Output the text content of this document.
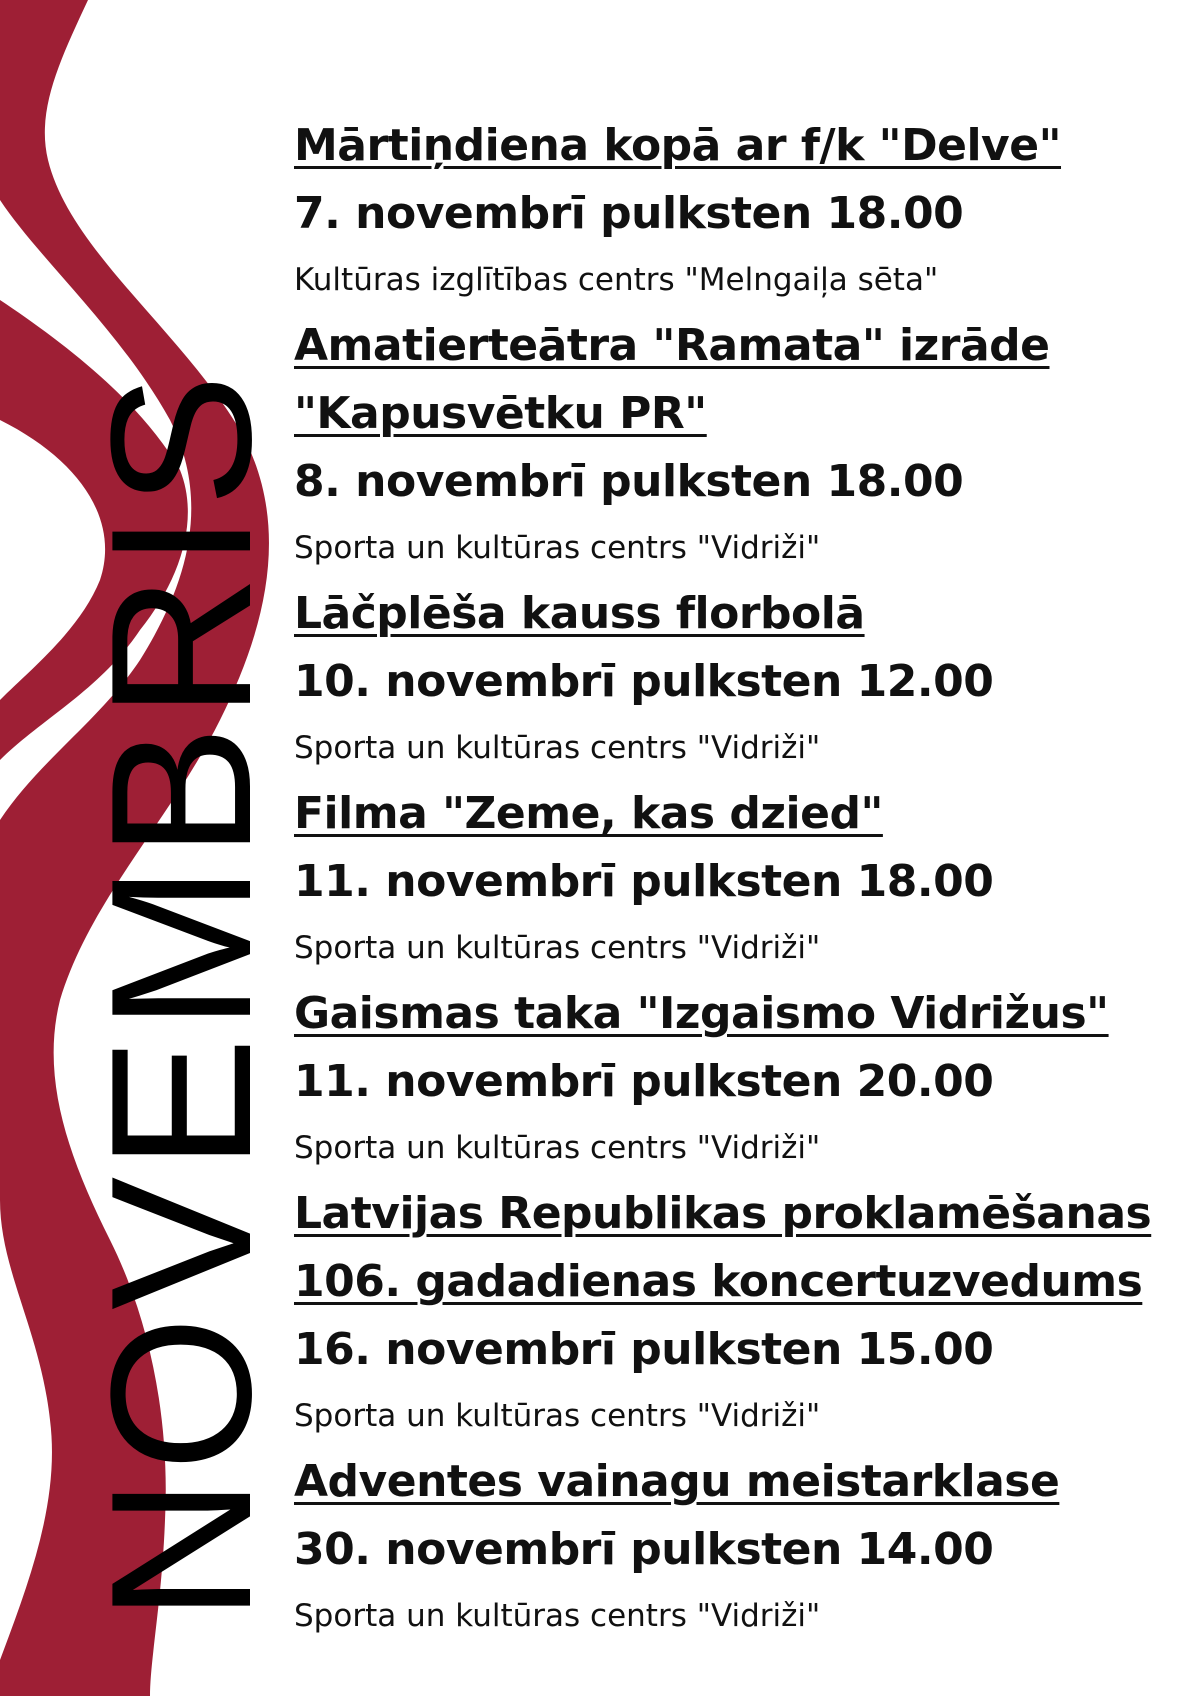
NOVEMBRIS

Mārtiņdiena kopā ar f/k "Delve"

7. novembrī pulksten 18.00

Kultūras izglītības centrs "Melngaiļa sēta"

Amatierteātra "Ramata" izrāde

"Kapusvētku PR"

8. novembrī pulksten 18.00

Sporta un kultūras centrs "Vidriži"

Lāčplēša kauss florbolā

10. novembrī pulksten 12.00

Sporta un kultūras centrs "Vidriži"

Filma "Zeme, kas dzied"

11. novembrī pulksten 18.00

Sporta un kultūras centrs "Vidriži"

Gaismas taka "Izgaismo Vidrižus"

11. novembrī pulksten 20.00

Sporta un kultūras centrs "Vidriži"

Latvijas Republikas proklamēšanas

106. gadadienas koncertuzvedums

16. novembrī pulksten 15.00

Sporta un kultūras centrs "Vidriži"

Adventes vainagu meistarklase

30. novembrī pulksten 14.00

Sporta un kultūras centrs "Vidriži"
